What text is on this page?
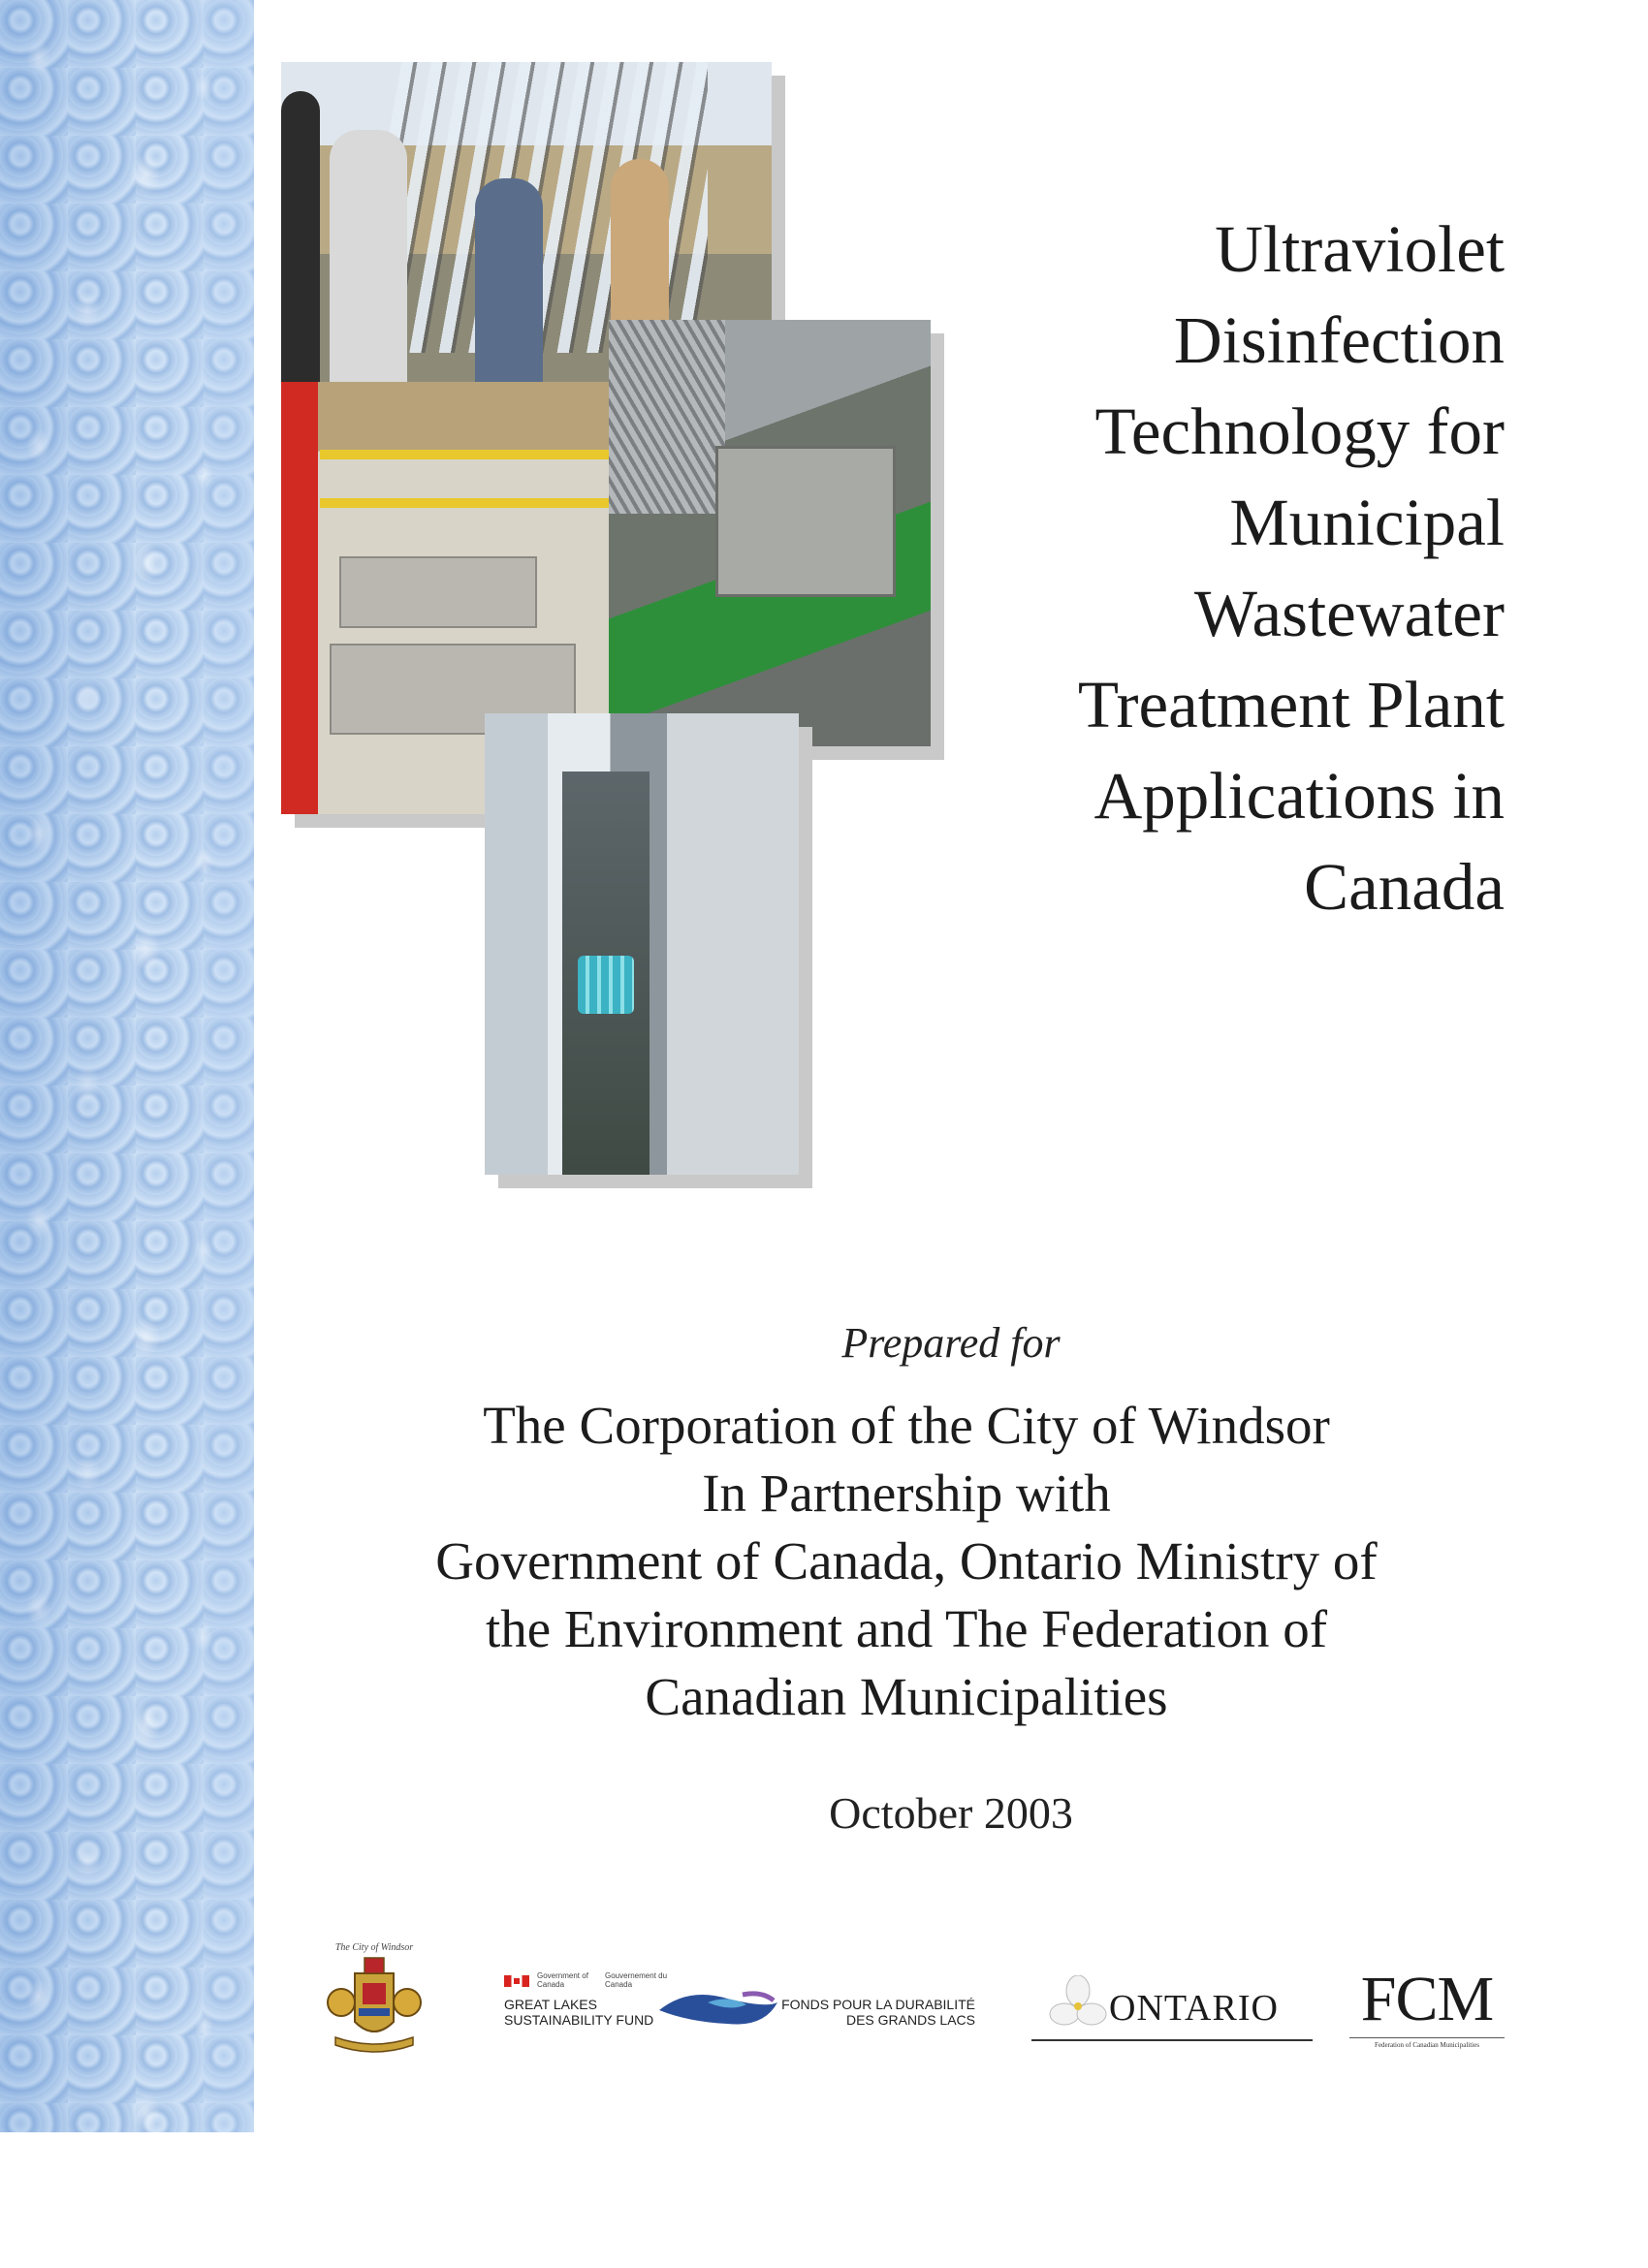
Ultraviolet
Disinfection
Technology for
Municipal
Wastewater
Treatment Plant
Applications in
Canada
Prepared for
The Corporation of the City of Windsor
In Partnership with
Government of Canada, Ontario Ministry of
the Environment and The Federation of
Canadian Municipalities
October 2003
The City of Windsor
Government of Canada
Gouvernement du Canada
GREAT LAKES SUSTAINABILITY FUND
FONDS POUR LA DURABILITÉ DES GRANDS LACS	ONTARIO FCM
Federation of Canadian Municipalities
